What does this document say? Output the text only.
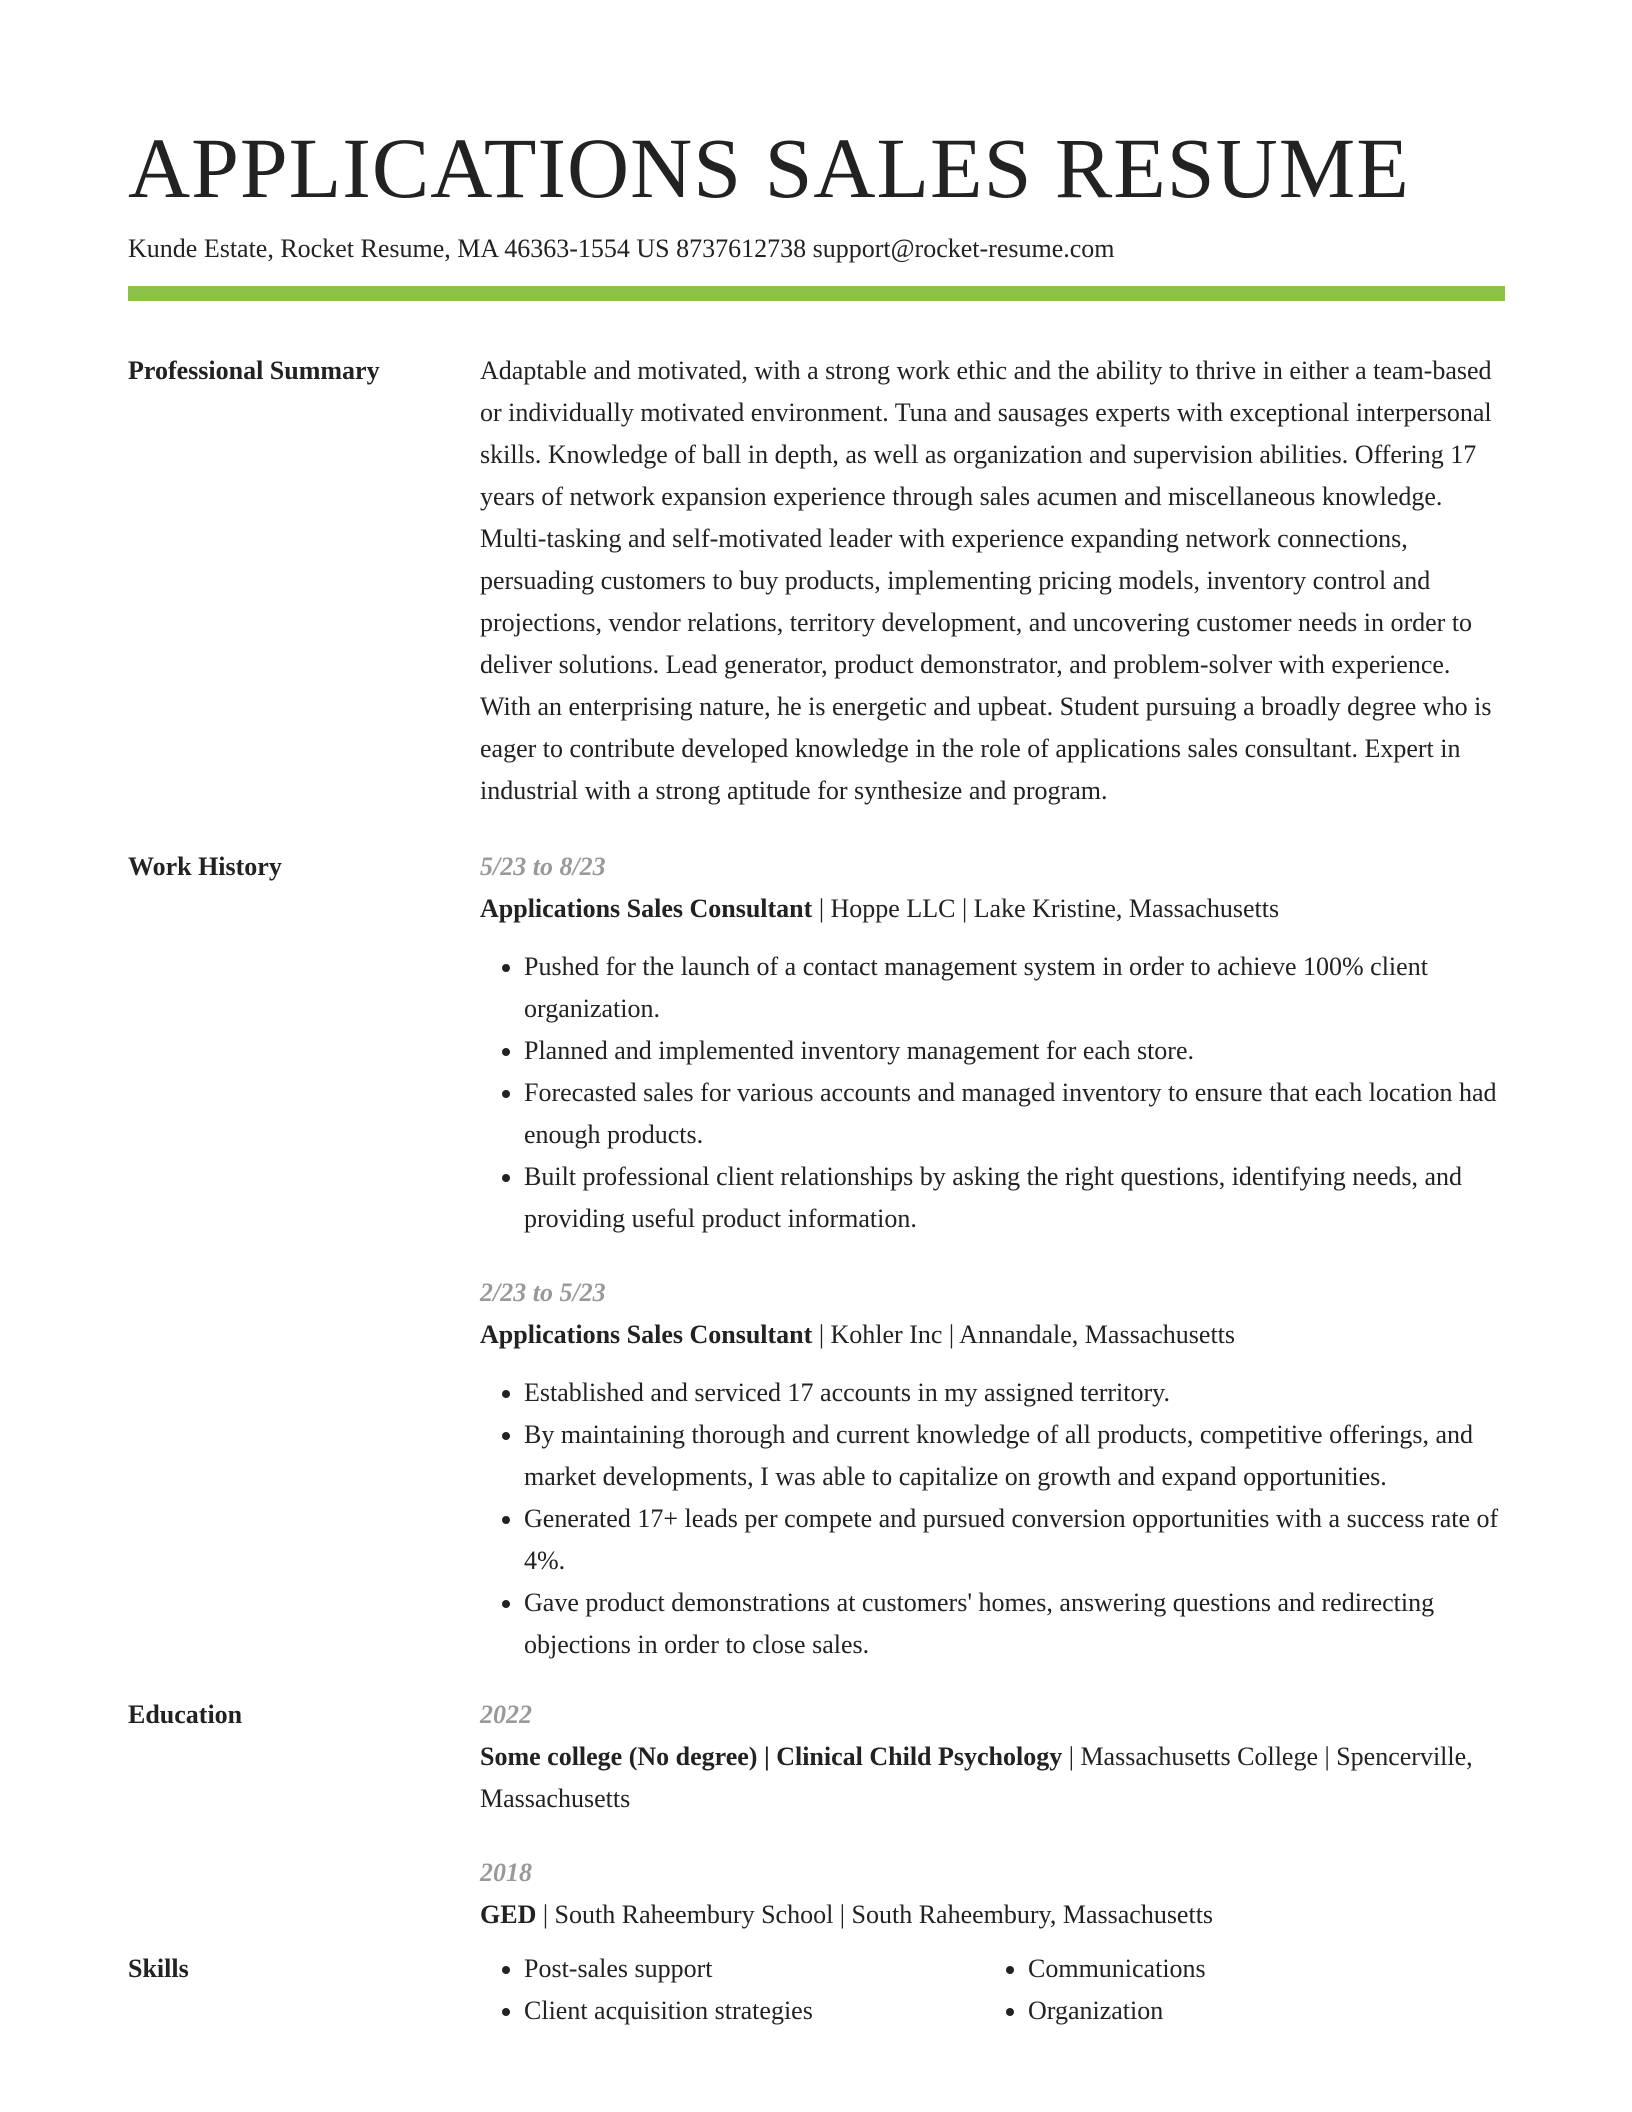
APPLICATIONS SALES RESUME
Kunde Estate, Rocket Resume, MA 46363-1554 US 8737612738 support@rocket-resume.com
Professional Summary	Adaptable and motivated, with a strong work ethic and the ability to thrive in either a team-based or individually motivated environment. Tuna and sausages experts with exceptional interpersonal skills. Knowledge of ball in depth, as well as organization and supervision abilities. Offering 17 years of network expansion experience through sales acumen and miscellaneous knowledge. Multi-tasking and self-motivated leader with experience expanding network connections, persuading customers to buy products, implementing pricing models, inventory control and projections, vendor relations, territory development, and uncovering customer needs in order to deliver solutions. Lead generator, product demonstrator, and problem-solver with experience. With an enterprising nature, he is energetic and upbeat. Student pursuing a broadly degree who is eager to contribute developed knowledge in the role of applications sales consultant. Expert in industrial with a strong aptitude for synthesize and program.

Work History	5/23 to 8/23
Applications Sales Consultant | Hoppe LLC | Lake Kristine, Massachusetts
• Pushed for the launch of a contact management system in order to achieve 100% client organization.
• Planned and implemented inventory management for each store.
• Forecasted sales for various accounts and managed inventory to ensure that each location had enough products.
• Built professional client relationships by asking the right questions, identifying needs, and providing useful product information.
2/23 to 5/23
Applications Sales Consultant | Kohler Inc | Annandale, Massachusetts
• Established and serviced 17 accounts in my assigned territory.
• By maintaining thorough and current knowledge of all products, competitive offerings, and market developments, I was able to capitalize on growth and expand opportunities.
• Generated 17+ leads per compete and pursued conversion opportunities with a success rate of 4%.
• Gave product demonstrations at customers' homes, answering questions and redirecting objections in order to close sales.
Education	2022
Some college (No degree) | Clinical Child Psychology | Massachusetts College | Spencerville, Massachusetts
2018
GED | South Raheembury School | South Raheembury, Massachusetts
Skills
•	Post-sales support
• Client acquisition strategies
• Communications
• Organization
